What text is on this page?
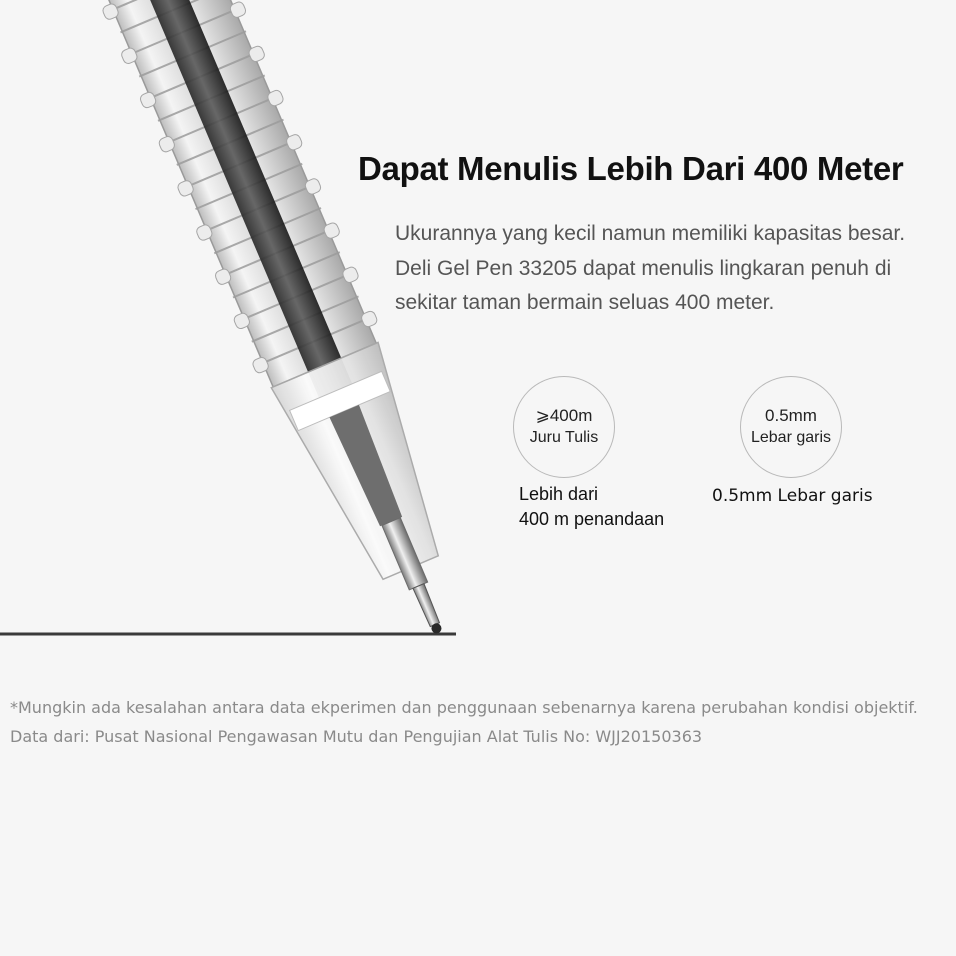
Dapat Menulis Lebih Dari 400 Meter

Ukurannya yang kecil namun memiliki kapasitas besar. Deli Gel Pen 33205 dapat menulis lingkaran penuh di sekitar taman bermain seluas 400 meter.

⩾400m
Juru Tulis

Lebih dari
400 m penandaan

0.5mm
Lebar garis

0.5mm Lebar garis

*Mungkin ada kesalahan antara data ekperimen dan penggunaan sebenarnya karena perubahan kondisi objektif. Data dari: Pusat Nasional Pengawasan Mutu dan Pengujian Alat Tulis No: WJJ20150363
